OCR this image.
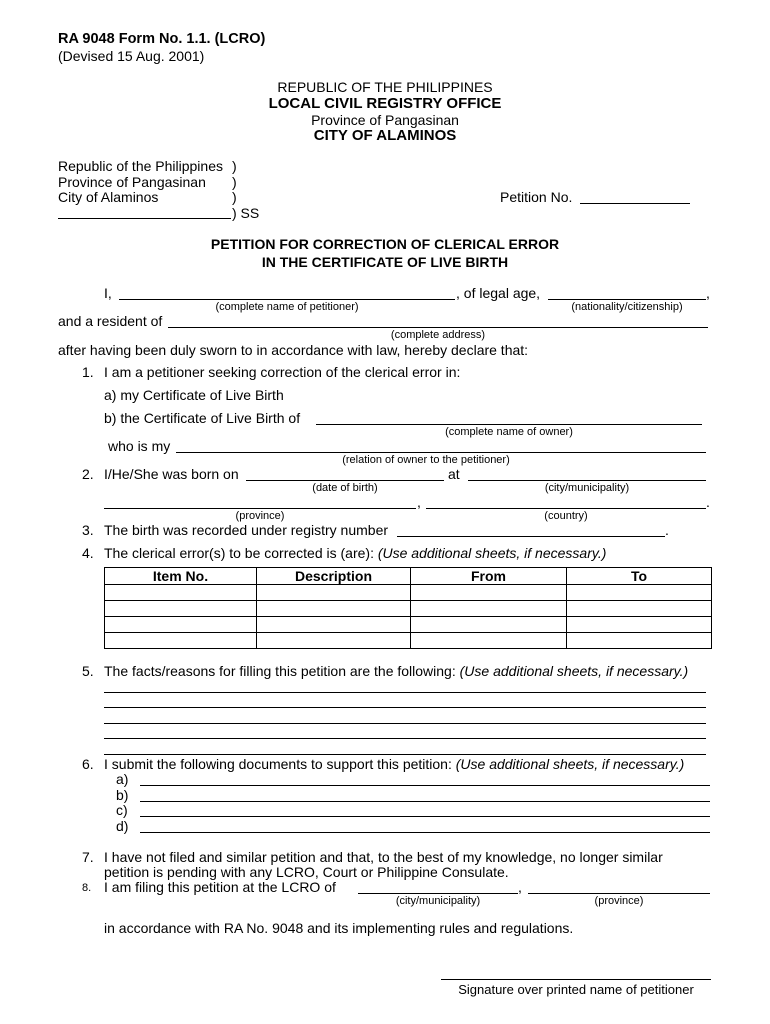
RA 9048 Form No. 1.1. (LCRO)
(Devised 15 Aug. 2001)
REPUBLIC OF THE PHILIPPINES
LOCAL CIVIL REGISTRY OFFICE
Province of Pangasinan
CITY OF ALAMINOS
Republic of the Philippines )
Province of Pangasinan )
City of Alaminos	)
) SS
Petition No.
PETITION FOR CORRECTION OF CLERICAL ERROR
IN THE CERTIFICATE OF LIVE BIRTH
I,	, of legal age,	,
(complete name of petitioner)	(nationality/citizenship)
and a resident of
(complete address)
after having been duly sworn to in accordance with law, hereby declare that:
1. I am a petitioner seeking correction of the clerical error in:
a) my Certificate of Live Birth
b) the Certificate of Live Birth of
(complete name of owner)
who is my
(relation of owner to the petitioner)
2. I/He/She was born on	at
(date of birth)	(city/municipality)
,	.
(province)	(country)
3. The birth was recorded under registry number	.
4. The clerical error(s) to be corrected is (are): (Use additional sheets, if necessary.)
Item No.	Description	From	To

5. The facts/reasons for filling this petition are the following: (Use additional sheets, if necessary.)
6. I submit the following documents to support this petition: (Use additional sheets, if necessary.)
a)
b)
c)
d)
7. I have not filed and similar petition and that, to the best of my knowledge, no longer similar
petition is pending with any LCRO, Court or Philippine Consulate.
8. I am filing this petition at the LCRO of	,
(city/municipality)	(province)
in accordance with RA No. 9048 and its implementing rules and regulations.
Signature over printed name of petitioner
